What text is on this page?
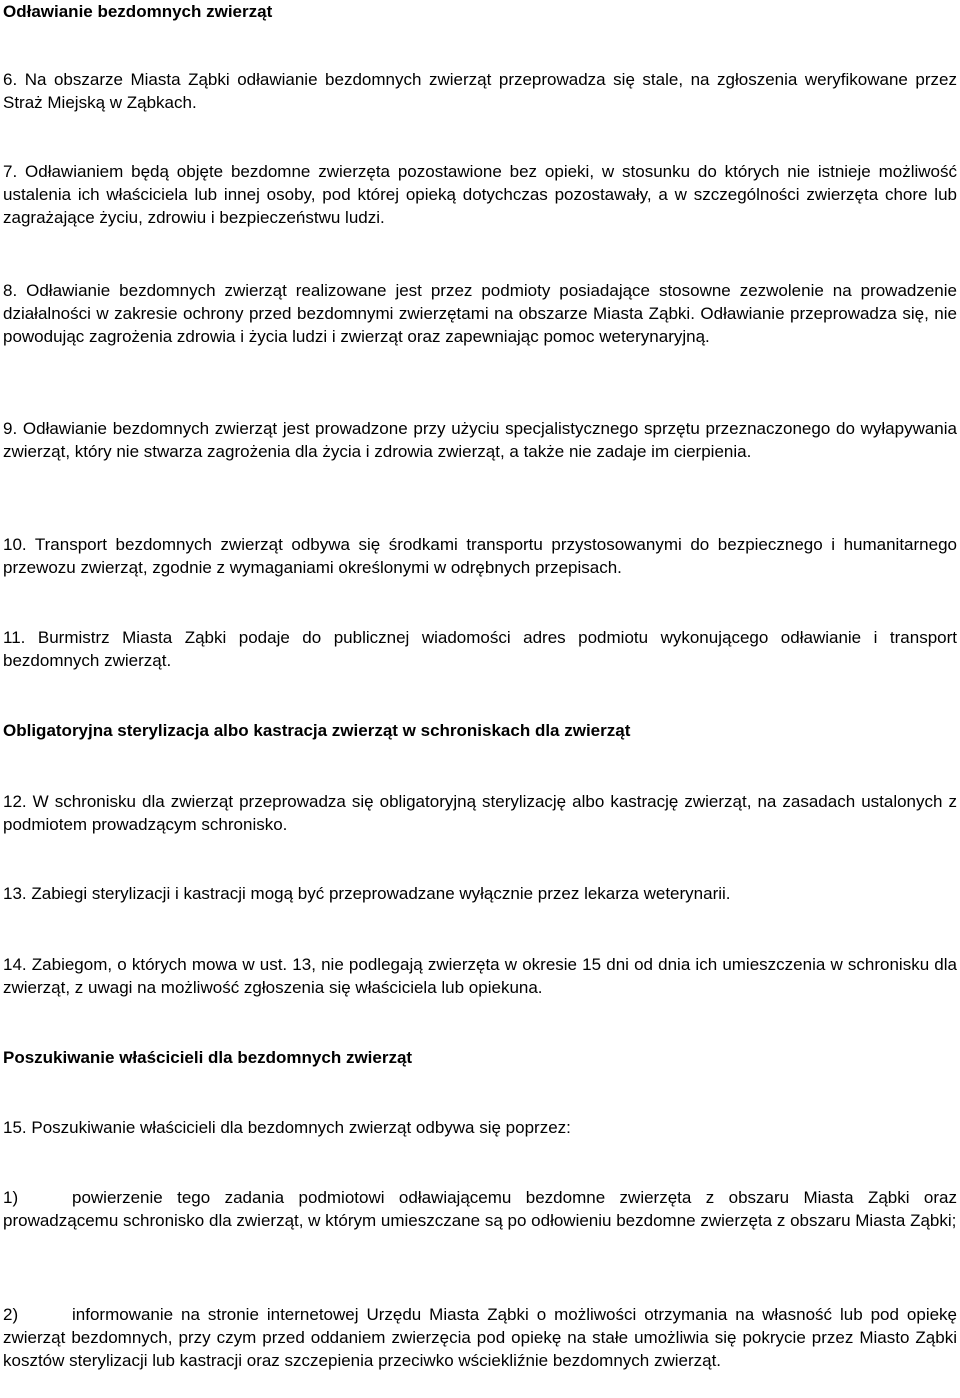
Odławianie bezdomnych zwierząt

6. Na obszarze Miasta Ząbki odławianie bezdomnych zwierząt przeprowadza się stale, na zgłoszenia weryfikowane przez Straż Miejską w Ząbkach.

7. Odławianiem będą objęte bezdomne zwierzęta pozostawione bez opieki, w stosunku do których nie istnieje możliwość ustalenia ich właściciela lub innej osoby, pod której opieką dotychczas pozostawały, a w szczególności zwierzęta chore lub zagrażające życiu, zdrowiu i bezpieczeństwu ludzi.

8. Odławianie bezdomnych zwierząt realizowane jest przez podmioty posiadające stosowne zezwolenie na prowadzenie działalności w zakresie ochrony przed bezdomnymi zwierzętami na obszarze Miasta Ząbki. Odławianie przeprowadza się, nie powodując zagrożenia zdrowia i życia ludzi i zwierząt oraz zapewniając pomoc weterynaryjną.

9. Odławianie bezdomnych zwierząt jest prowadzone przy użyciu specjalistycznego sprzętu przeznaczonego do wyłapywania zwierząt, który nie stwarza zagrożenia dla życia i zdrowia zwierząt, a także nie zadaje im cierpienia.

10. Transport bezdomnych zwierząt odbywa się środkami transportu przystosowanymi do bezpiecznego i humanitarnego przewozu zwierząt, zgodnie z wymaganiami określonymi w odrębnych przepisach.

11. Burmistrz Miasta Ząbki podaje do publicznej wiadomości adres podmiotu wykonującego odławianie i transport bezdomnych zwierząt.

Obligatoryjna sterylizacja albo kastracja zwierząt w schroniskach dla zwierząt

12. W schronisku dla zwierząt przeprowadza się obligatoryjną sterylizację albo kastrację zwierząt, na zasadach ustalonych z podmiotem prowadzącym schronisko.

13. Zabiegi sterylizacji i kastracji mogą być przeprowadzane wyłącznie przez lekarza weterynarii.

14. Zabiegom, o których mowa w ust. 13, nie podlegają zwierzęta w okresie 15 dni od dnia ich umieszczenia w schronisku dla zwierząt, z uwagi na możliwość zgłoszenia się właściciela lub opiekuna.

Poszukiwanie właścicieli dla bezdomnych zwierząt

15. Poszukiwanie właścicieli dla bezdomnych zwierząt odbywa się poprzez:

1)	powierzenie tego zadania podmiotowi odławiającemu bezdomne zwierzęta z obszaru Miasta Ząbki oraz prowadzącemu schronisko dla zwierząt, w którym umieszczane są po odłowieniu bezdomne zwierzęta z obszaru Miasta Ząbki;

2)	informowanie na stronie internetowej Urzędu Miasta Ząbki o możliwości otrzymania na własność lub pod opiekę zwierząt bezdomnych, przy czym przed oddaniem zwierzęcia pod opiekę na stałe umożliwia się pokrycie przez Miasto Ząbki kosztów sterylizacji lub kastracji oraz szczepienia przeciwko wściekliźnie bezdomnych zwierząt.
